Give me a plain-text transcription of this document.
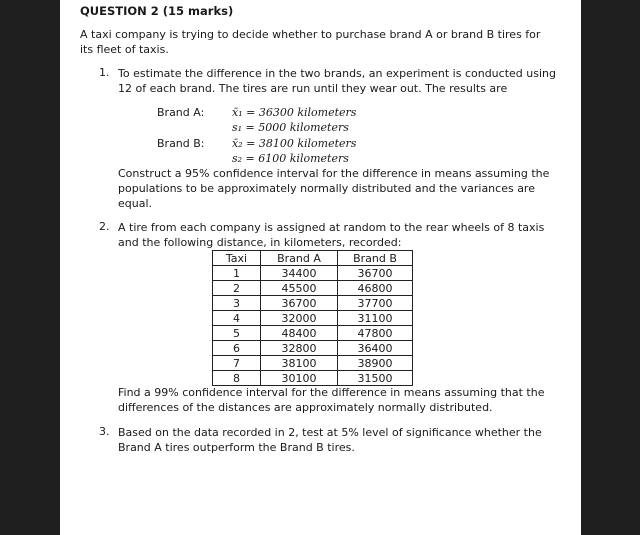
QUESTION 2 (15 marks)

A taxi company is trying to decide whether to purchase brand A or brand B tires for

its fleet of taxis.

1. To estimate the difference in the two brands, an experiment is conducted using

12 of each brand. The tires are run until they wear out. The results are

Brand A:	x̄₁ = 36300 kilometers
s₁ = 5000 kilometers
Brand B: x̄₂ = 38100 kilometers
s₂ = 6100 kilometers

Construct a 95% confidence interval for the difference in means assuming the

populations to be approximately normally distributed and the variances are

equal.

2. A tire from each company is assigned at random to the rear wheels of 8 taxis

and the following distance, in kilometers, recorded:

Taxi	Brand A	Brand B
1	34400	36700
2	45500	46800
3	36700	37700
4	32000	31100
5	48400	47800
6	32800	36400
7	38100	38900
8	30100	31500

Find a 99% confidence interval for the difference in means assuming that the

differences of the distances are approximately normally distributed.

3. Based on the data recorded in 2, test at 5% level of significance whether the

Brand A tires outperform the Brand B tires.
